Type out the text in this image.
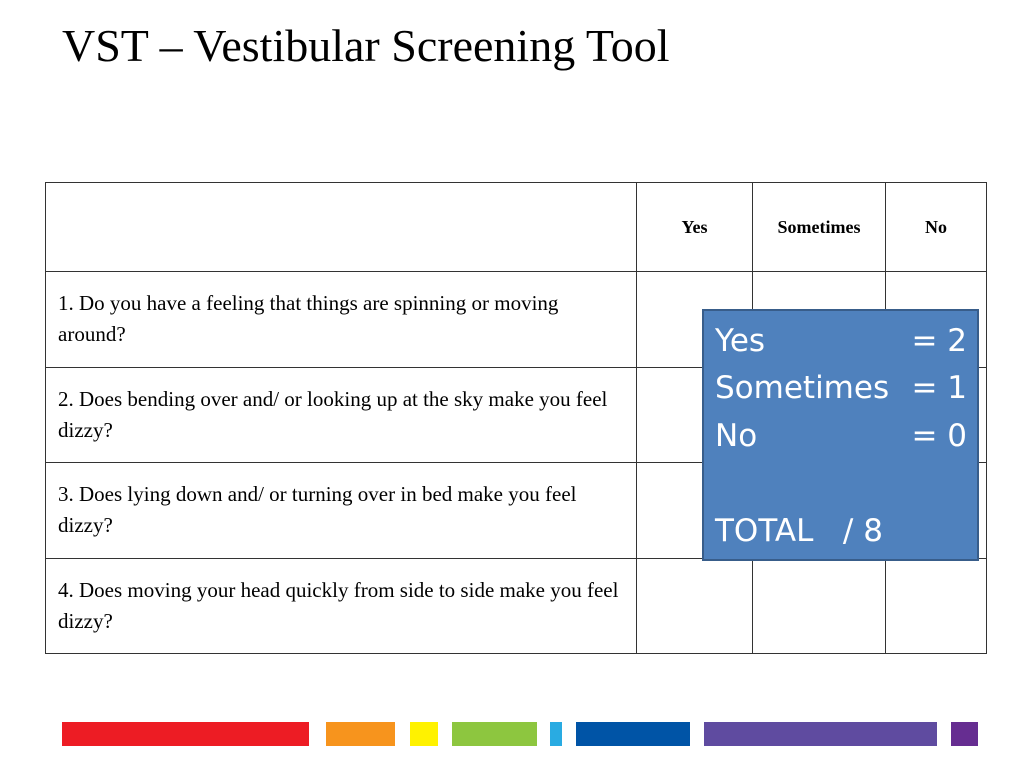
VST – Vestibular Screening Tool
	Yes	Sometimes	No
1. Do you have a feeling that things are spinning or moving around?			
2. Does bending over and/ or looking up at the sky make you feel dizzy?			
3. Does lying down and/ or turning over in bed make you feel dizzy?			
4. Does moving your head quickly from side to side make you feel dizzy?			
Yes	= 2
Sometimes = 1
No	= 0
TOTAL   / 8
